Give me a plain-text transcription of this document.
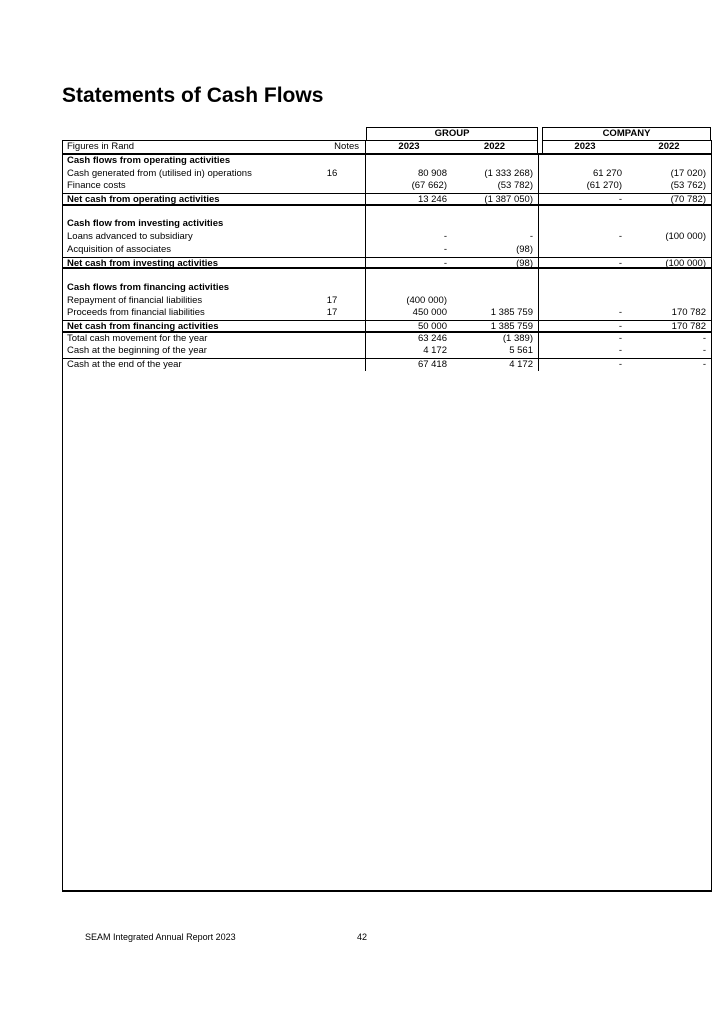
Statements of Cash Flows
GROUP	COMPANY
Figures in Rand	Notes	2023	2022	2023	2022
Cash flows from operating activities
Cash generated from (utilised in) operations	16	80 908	(1 333 268)	61 270	(17 020)
Finance costs	(67 662)	(53 782)	(61 270)	(53 762)
Net cash from operating activities	13 246	(1 387 050)	-	(70 782)
Cash flow from investing activities
Loans advanced to subsidiary	-	-	-	(100 000)
Acquisition of associates	-	(98)
Net cash from investing activities	-	(98)	-	(100 000)
Cash flows from financing activities
Repayment of financial liabilities	17	(400 000)
Proceeds from financial liabilities	17	450 000	1 385 759	-	170 782
Net cash from financing activities	50 000	1 385 759	-	170 782
Total cash movement for the year	63 246	(1 389)	-	-
Cash at the beginning of the year	4 172	5 561	-	-
Cash at the end of the year	67 418	4 172	-	-
SEAM Integrated Annual Report 2023	42
